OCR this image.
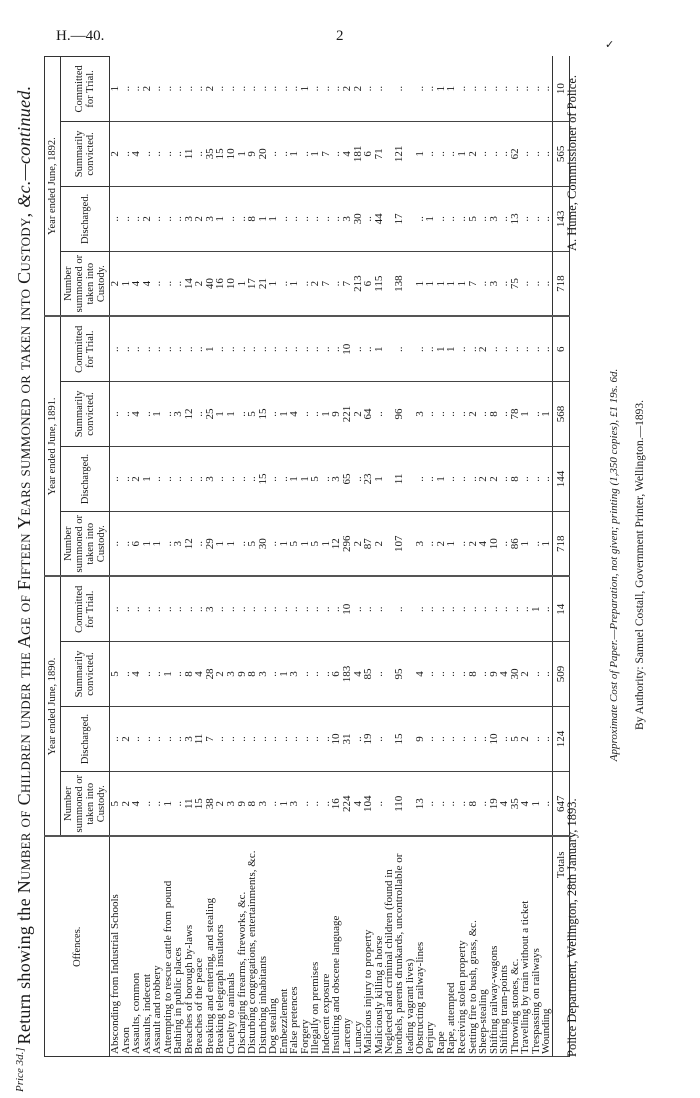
H.—40.	2
✓
Return showing the Number of Children under the Age of Fifteen Years summoned or taken into Custody, &c.—continued.
Offences.	Year ended June, 1890.				Year ended June, 1891.				Year ended June, 1892.			
	Number summoned or taken into Custody.	Discharged.	Summarily convicted.	Committed for Trial.	Number summoned or taken into Custody.	Discharged.	Summarily convicted.	Committed for Trial.	Number summoned or taken into Custody.	Discharged.	Summarily convicted.	Committed for Trial.
Absconding from Industrial Schools	5	..	5	..	..	..	..	..	2	..	2	1
Arson	2	2	..	..	..	..	..	..	1	..	..	..
Assaults, common	4	..	4	..	6	2	4	..	4	..	4	..
Assaults, indecent	..	..	..	..	1	1	..	..	4	2	..	2
Assault and robbery	..	..	..	..	1	..	1	..	..	..	..	..
Attempting to rescue cattle from pound	1	..	1	..	..	..	..	..	..	..	..	..
Bathing in public places	..	..	..	..	3	..	3	..	..	..	..	..
Breaches of borough by-laws	11	3	8	..	12	..	12	..	14	3	11	..
Breaches of the peace	15	11	4	..	..	..	..	..	2	2	..	..
Breaking and entering, and stealing	38	7	28	3	29	3	25	1	40	3	35	2
Breaking telegraph insulators	2	..	2	..	1	..	1	..	16	1	15	..
Cruelty to animals	3	..	3	..	1	..	1	..	10	..	10	..
Discharging firearms, fireworks, &c.	9	..	9	..	..	..	..	..	1	..	1	..
Disturbing congregations, entertainments, &c.	8	..	8	..	5	..	5	..	17	8	9	..
Disturbing inhabitants	3	..	3	..	30	15	15	..	21	1	20	..
Dog stealing	..	..	..	..	..	..	..	..	1	1	..	..
Embezzlement	1	..	1	..	1	..	1	..	..	..	..	..
False pretences	3	..	3	..	5	1	4	..	1	..	1	..
Forgery	..	..	..	..	1	1	..	..	..	..	..	1
Illegally on premises	..	..	..	..	5	5	..	..	2	..	1	..
Indecent exposure	..	..	..	..	1	..	1	..	7	..	7	..
Insulting and obscene language	16	10	6	..	12	3	9	..	..	..	..	..
Larceny	224	31	183	10	296	65	221	10	7	3	4	2
Lunacy	4	..	4	..	2	..	2	..	213	30	181	2
Malicious injury to property	104	19	85	..	87	23	64	..	6	..	6	..
Maliciously killing a horse	..	..	..	..	2	1	..	1	115	44	71	..
Neglected and criminal children (found in brothels, parents drunkards, uncontrollable or leading vagrant lives)	110	15	95	..	107	11	96	..	138	17	121	..
Obstructing railway-lines	13	9	4	..	3	..	3	..	1	..	1	..
Perjury	..	..	..	..	..	..	..	..	1	1	..	..
Rape	..	..	..	..	2	1	..	1	1	..	..	1
Rape, attempted	..	..	..	..	1	..	..	1	1	..	..	1
Receiving stolen property	..	..	..	..	..	..	..	..	1	..	1	..
Setting fire to bush, grass, &c.	8	..	8	..	2	..	2	..	7	5	2	..
Sheep-stealing	..	..	..	..	4	2	..	2	..	..	..	..
Shifting railway-wagons	19	10	9	..	10	2	8	..	3	3	..	..
Shifting tram-points	4	..	4	..	..	..	..	..	..	..	..	..
Throwing stones, &c.	35	5	30	..	86	8	78	..	75	13	62	..
Travelling by train without a ticket	4	2	2	..	1	..	1	..	..	..	..	..
Trespassing on railways	1	..	..	1	..	..	..	..	..	..	..	..
Wounding	..	..	..	..	1	..	1	..	..	..	..	..
Totals	647	124	509	14	718	144	568	6	718	143	565	10
Police Department, Wellington, 28th January, 1893.
A. Hume, Commissioner of Police.
Approximate Cost of Paper.—Preparation, not given; printing (1,350 copies), £1 19s. 6d. By Authority: Samuel Costall, Government Printer, Wellington.—1893.
Price 3d.]
